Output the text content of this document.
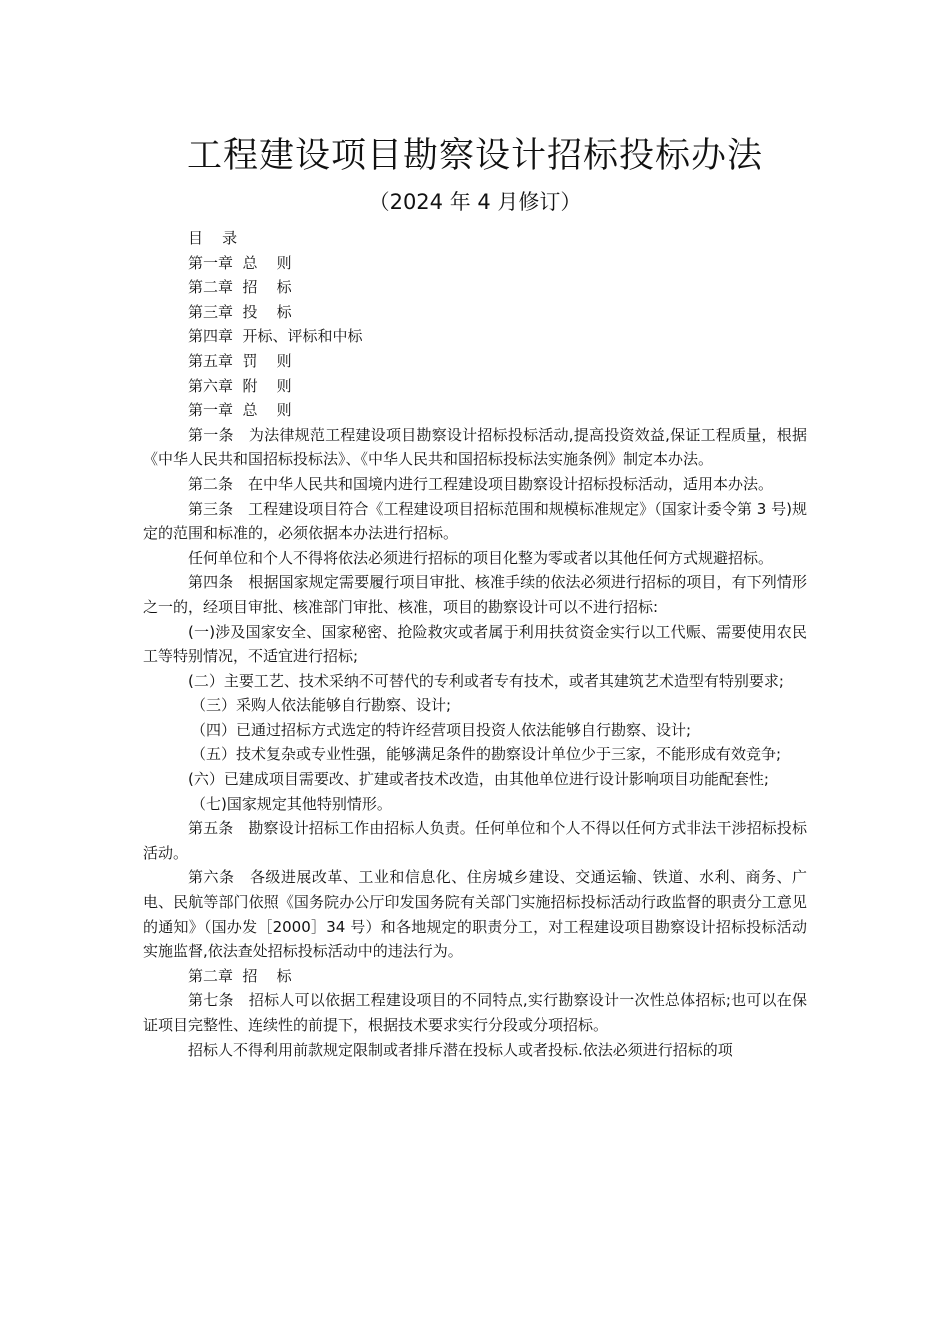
工程建设项目勘察设计招标投标办法
（2024 年 4 月修订）

目    录

第一章  总    则

第二章  招    标

第三章  投    标

第四章  开标、评标和中标

第五章  罚    则

第六章  附    则

第一章  总    则

第一条　为法律规范工程建设项目勘察设计招标投标活动,提高投资效益,保证工程质量，根据《中华人民共和国招标投标法》、《中华人民共和国招标投标法实施条例》制定本办法。

第二条　在中华人民共和国境内进行工程建设项目勘察设计招标投标活动，适用本办法。

第三条　工程建设项目符合《工程建设项目招标范围和规模标准规定》（国家计委令第 3 号)规定的范围和标准的，必须依据本办法进行招标。

任何单位和个人不得将依法必须进行招标的项目化整为零或者以其他任何方式规避招标。

第四条　根据国家规定需要履行项目审批、核准手续的依法必须进行招标的项目，有下列情形之一的，经项目审批、核准部门审批、核准，项目的勘察设计可以不进行招标:

(一)涉及国家安全、国家秘密、抢险救灾或者属于利用扶贫资金实行以工代赈、需要使用农民工等特别情况，不适宜进行招标;

(二）主要工艺、技术采纳不可替代的专利或者专有技术，或者其建筑艺术造型有特别要求;

（三）采购人依法能够自行勘察、设计;

（四）已通过招标方式选定的特许经营项目投资人依法能够自行勘察、设计;

（五）技术复杂或专业性强，能够满足条件的勘察设计单位少于三家，不能形成有效竞争;

(六）已建成项目需要改、扩建或者技术改造，由其他单位进行设计影响项目功能配套性;

（七)国家规定其他特别情形。

第五条　勘察设计招标工作由招标人负责。任何单位和个人不得以任何方式非法干涉招标投标活动。

第六条　各级进展改革、工业和信息化、住房城乡建设、交通运输、铁道、水利、商务、广电、民航等部门依照《国务院办公厅印发国务院有关部门实施招标投标活动行政监督的职责分工意见的通知》（国办发［2000］34 号）和各地规定的职责分工，对工程建设项目勘察设计招标投标活动实施监督,依法查处招标投标活动中的违法行为。

第二章  招    标

第七条　招标人可以依据工程建设项目的不同特点,实行勘察设计一次性总体招标;也可以在保证项目完整性、连续性的前提下，根据技术要求实行分段或分项招标。

招标人不得利用前款规定限制或者排斥潜在投标人或者投标.依法必须进行招标的项
